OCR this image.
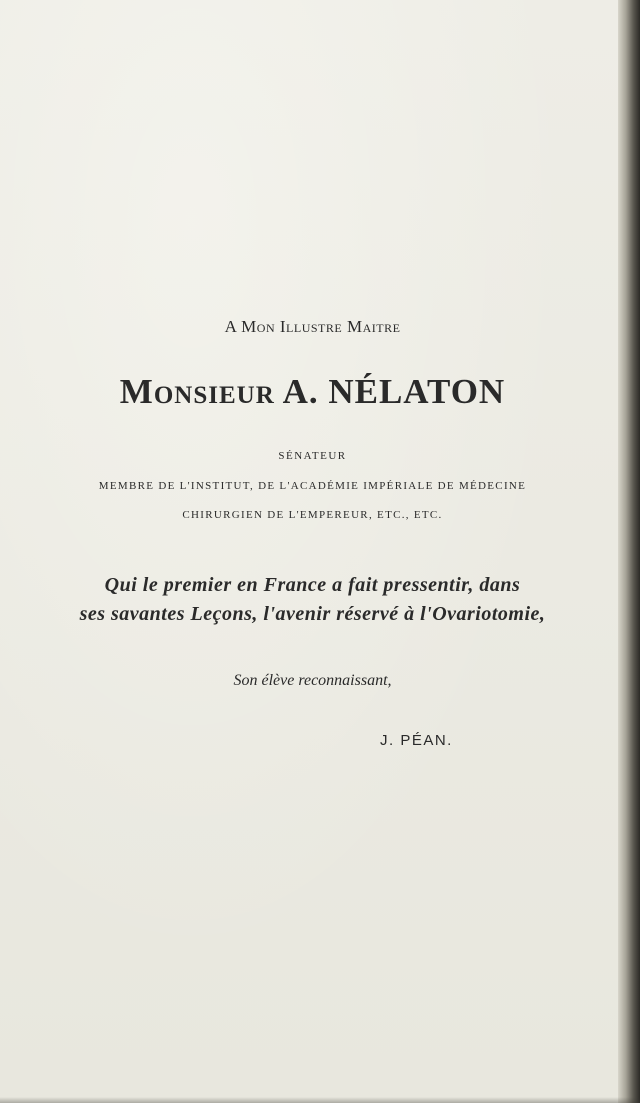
A Mon Illustre Maitre
Monsieur A. NÉLATON
SÉNATEUR
MEMBRE DE L'INSTITUT, DE L'ACADÉMIE IMPÉRIALE DE MÉDECINE
CHIRURGIEN DE L'EMPEREUR, ETC., ETC.
Qui le premier en France a fait pressentir, dans
ses savantes Leçons, l'avenir réservé à l'Ovariotomie,
Son élève reconnaissant,
J. PÉAN.
